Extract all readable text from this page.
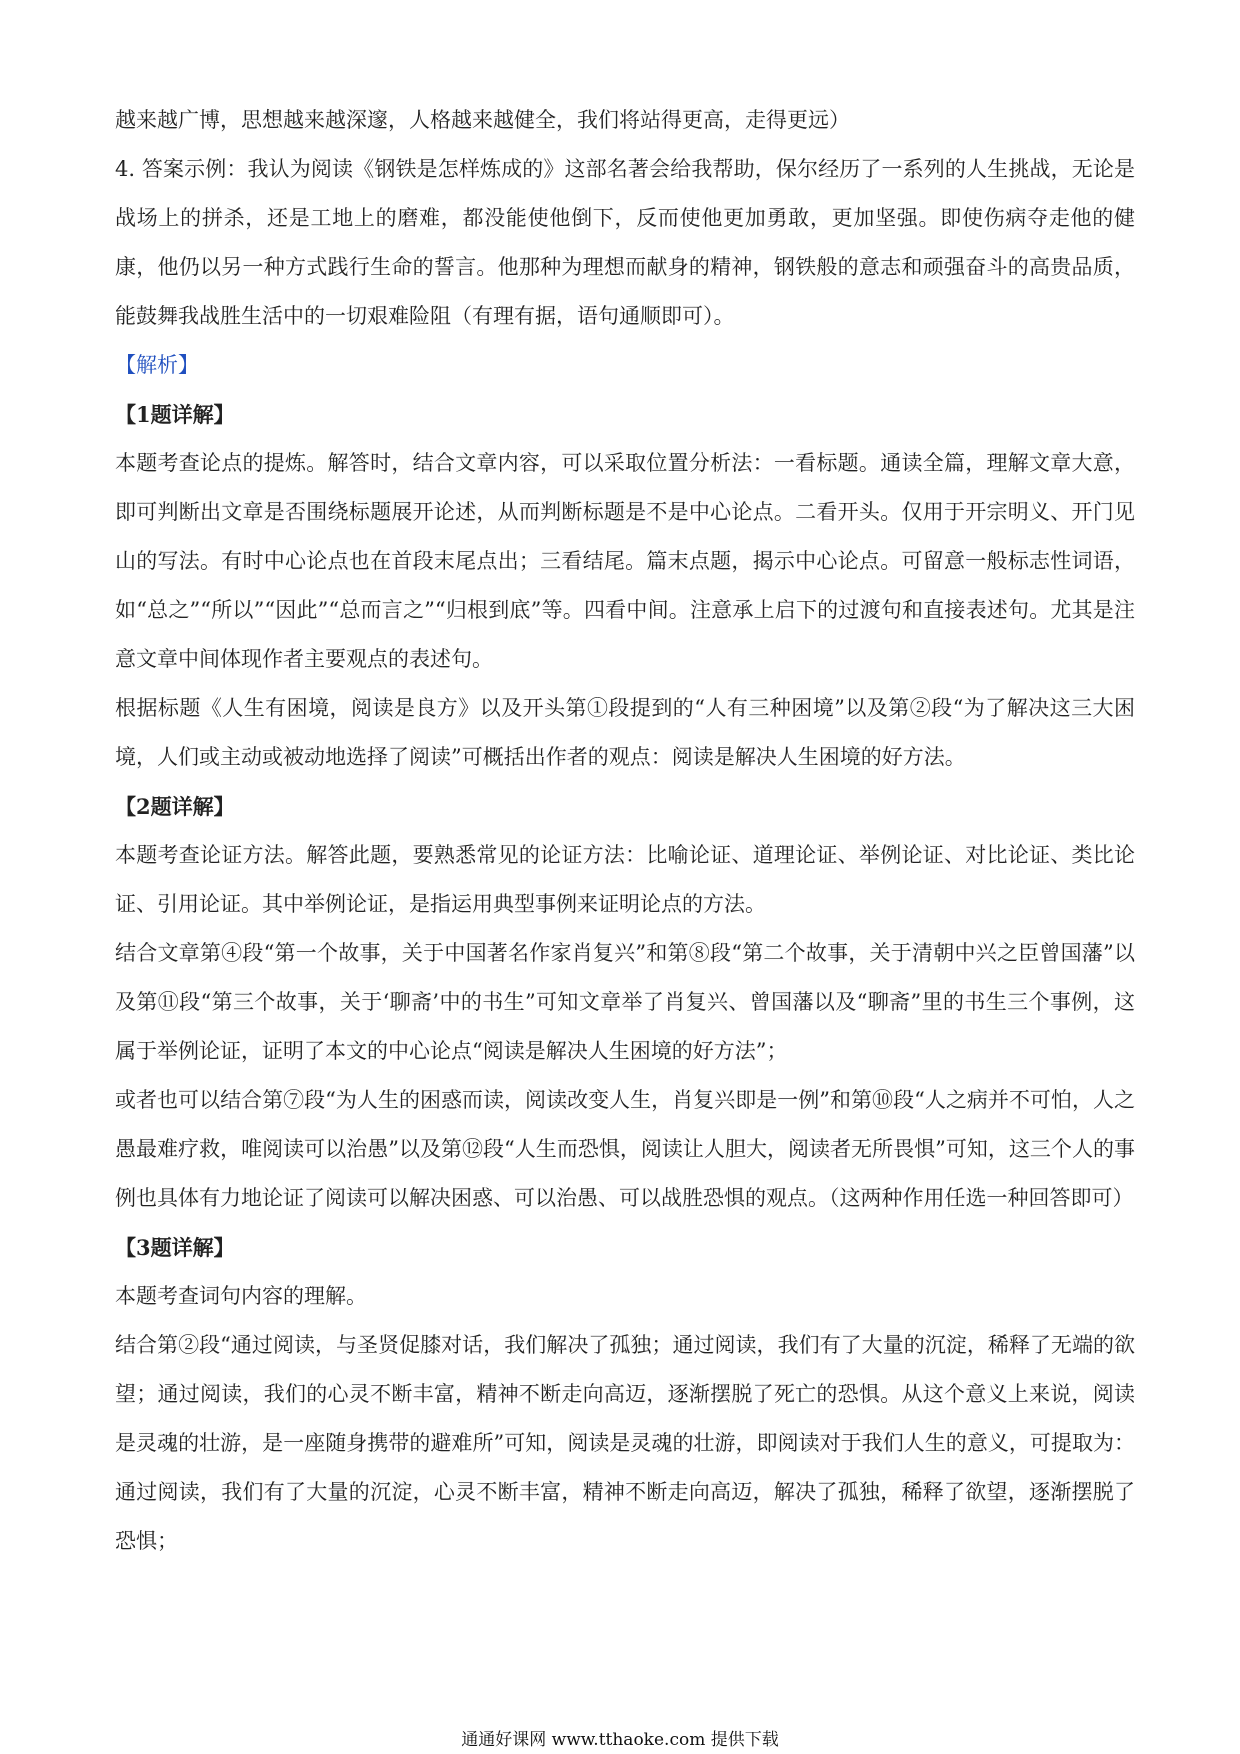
越来越广博，思想越来越深邃，人格越来越健全，我们将站得更高，走得更远）

4. 答案示例：我认为阅读《钢铁是怎样炼成的》这部名著会给我帮助，保尔经历了一系列的人生挑战，无论是战场上的拼杀，还是工地上的磨难，都没能使他倒下，反而使他更加勇敢，更加坚强。即使伤病夺走他的健康，他仍以另一种方式践行生命的誓言。他那种为理想而献身的精神，钢铁般的意志和顽强奋斗的高贵品质，能鼓舞我战胜生活中的一切艰难险阻（有理有据，语句通顺即可）。

【解析】

【1题详解】

本题考查论点的提炼。解答时，结合文章内容，可以采取位置分析法：一看标题。通读全篇，理解文章大意，即可判断出文章是否围绕标题展开论述，从而判断标题是不是中心论点。二看开头。仅用于开宗明义、开门见山的写法。有时中心论点也在首段末尾点出；三看结尾。篇末点题，揭示中心论点。可留意一般标志性词语，如“总之”“所以”“因此”“总而言之”“归根到底”等。四看中间。注意承上启下的过渡句和直接表述句。尤其是注意文章中间体现作者主要观点的表述句。

根据标题《人生有困境，阅读是良方》以及开头第①段提到的“人有三种困境”以及第②段“为了解决这三大困境，人们或主动或被动地选择了阅读”可概括出作者的观点：阅读是解决人生困境的好方法。

【2题详解】

本题考查论证方法。解答此题，要熟悉常见的论证方法：比喻论证、道理论证、举例论证、对比论证、类比论证、引用论证。其中举例论证，是指运用典型事例来证明论点的方法。

结合文章第④段“第一个故事，关于中国著名作家肖复兴”和第⑧段“第二个故事，关于清朝中兴之臣曾国藩”以及第⑪段“第三个故事，关于‘聊斋’中的书生”可知文章举了肖复兴、曾国藩以及“聊斋”里的书生三个事例，这属于举例论证，证明了本文的中心论点“阅读是解决人生困境的好方法”；

或者也可以结合第⑦段“为人生的困惑而读，阅读改变人生，肖复兴即是一例”和第⑩段“人之病并不可怕，人之愚最难疗救，唯阅读可以治愚”以及第⑫段“人生而恐惧，阅读让人胆大，阅读者无所畏惧”可知，这三个人的事例也具体有力地论证了阅读可以解决困惑、可以治愚、可以战胜恐惧的观点。（这两种作用任选一种回答即可）

【3题详解】

本题考查词句内容的理解。

结合第②段“通过阅读，与圣贤促膝对话，我们解决了孤独；通过阅读，我们有了大量的沉淀，稀释了无端的欲望；通过阅读，我们的心灵不断丰富，精神不断走向高迈，逐渐摆脱了死亡的恐惧。从这个意义上来说，阅读是灵魂的壮游，是一座随身携带的避难所”可知，阅读是灵魂的壮游，即阅读对于我们人生的意义，可提取为：通过阅读，我们有了大量的沉淀，心灵不断丰富，精神不断走向高迈，解决了孤独，稀释了欲望，逐渐摆脱了恐惧；

通通好课网 www.tthaoke.com 提供下载
